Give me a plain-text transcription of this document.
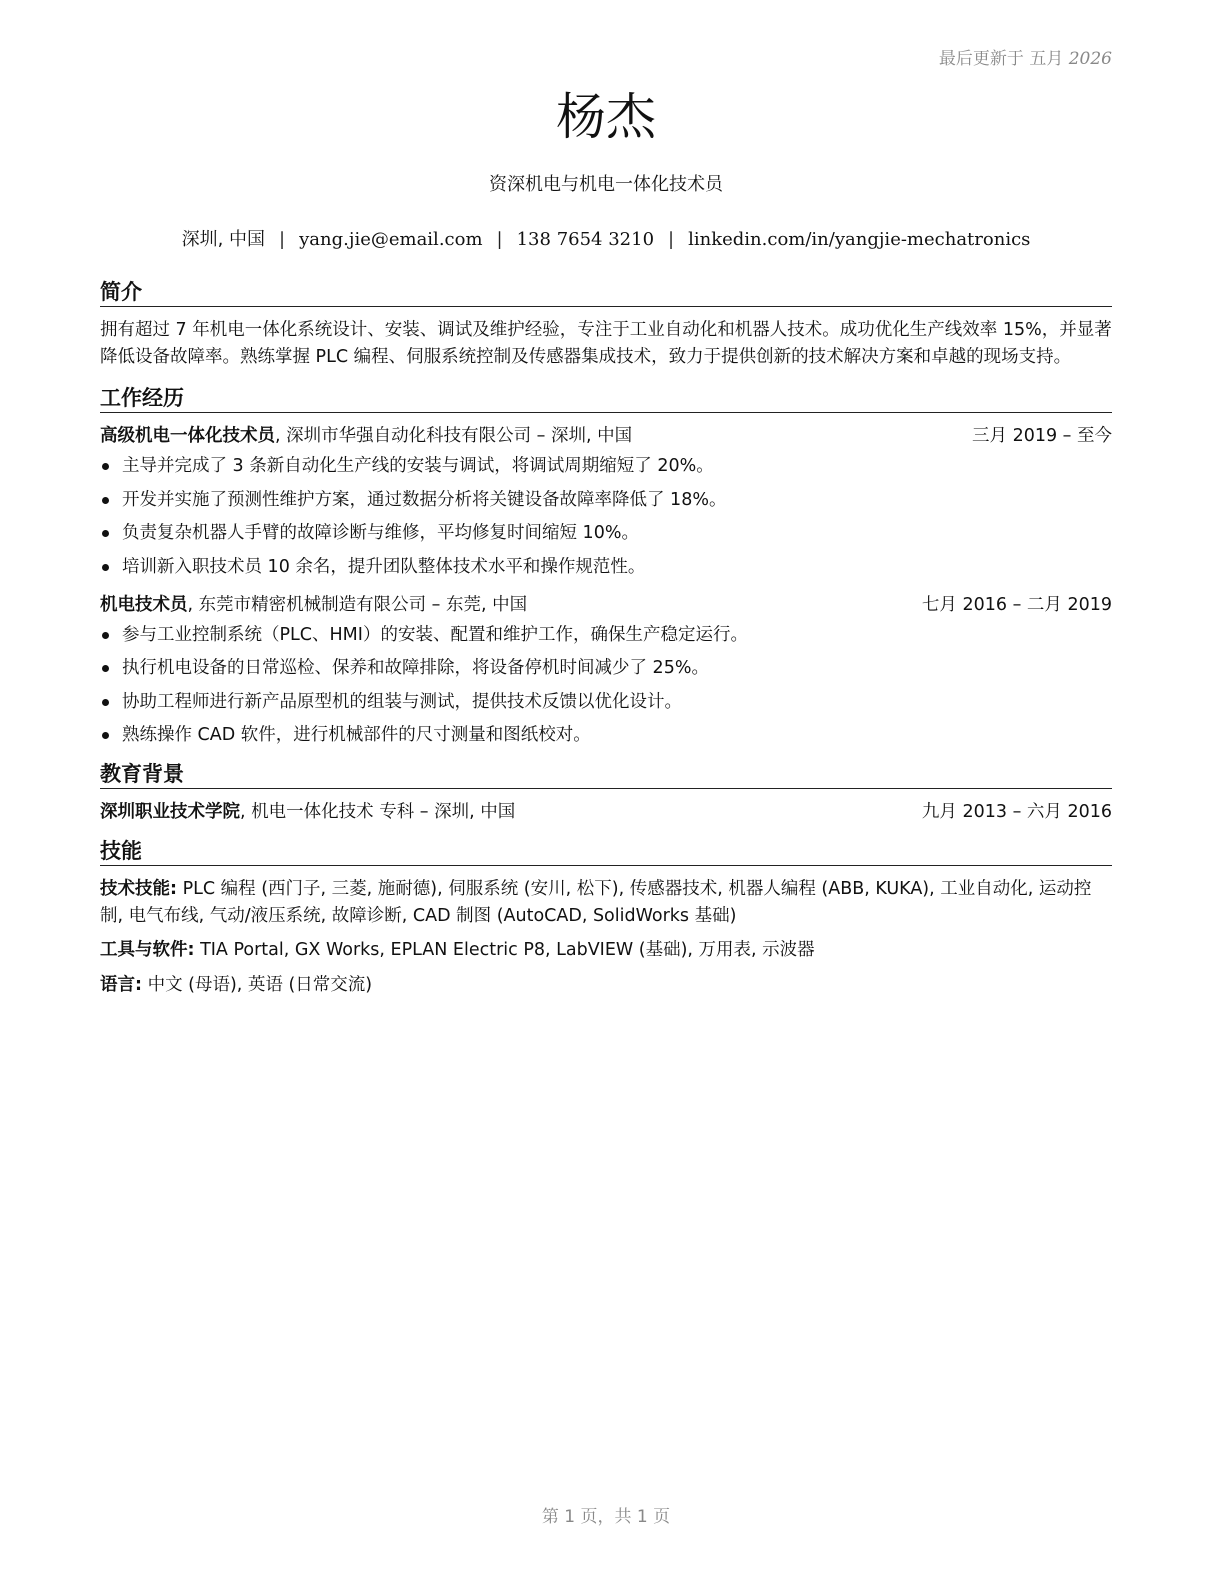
最后更新于 五月 2026
杨杰
资深机电与机电一体化技术员
深圳, 中国 | yang.jie@email.com | 138 7654 3210 | linkedin.com/in/yangjie-mechatronics
简介

拥有超过 7 年机电一体化系统设计、安装、调试及维护经验，专注于工业自动化和机器人技术。成功优化生产线效率 15%，并显著降低设备故障率。熟练掌握 PLC 编程、伺服系统控制及传感器集成技术，致力于提供创新的技术解决方案和卓越的现场支持。

工作经历
高级机电一体化技术员, 深圳市华强自动化科技有限公司 – 深圳, 中国	三月 2019 – 至今
主导并完成了 3 条新自动化生产线的安装与调试，将调试周期缩短了 20%。
开发并实施了预测性维护方案，通过数据分析将关键设备故障率降低了 18%。
负责复杂机器人手臂的故障诊断与维修，平均修复时间缩短 10%。
培训新入职技术员 10 余名，提升团队整体技术水平和操作规范性。
机电技术员, 东莞市精密机械制造有限公司 – 东莞, 中国	七月 2016 – 二月 2019
参与工业控制系统（PLC、HMI）的安装、配置和维护工作，确保生产稳定运行。
执行机电设备的日常巡检、保养和故障排除，将设备停机时间减少了 25%。
协助工程师进行新产品原型机的组装与测试，提供技术反馈以优化设计。
熟练操作 CAD 软件，进行机械部件的尺寸测量和图纸校对。
教育背景
深圳职业技术学院, 机电一体化技术 专科 – 深圳, 中国	九月 2013 – 六月 2016
技能
技术技能: PLC 编程 (西门子, 三菱, 施耐德), 伺服系统 (安川, 松下), 传感器技术, 机器人编程 (ABB, KUKA), 工业自动化, 运动控制, 电气布线, 气动/液压系统, 故障诊断, CAD 制图 (AutoCAD, SolidWorks 基础)
工具与软件: TIA Portal, GX Works, EPLAN Electric P8, LabVIEW (基础), 万用表, 示波器
语言: 中文 (母语), 英语 (日常交流)
第 1 页，共 1 页
